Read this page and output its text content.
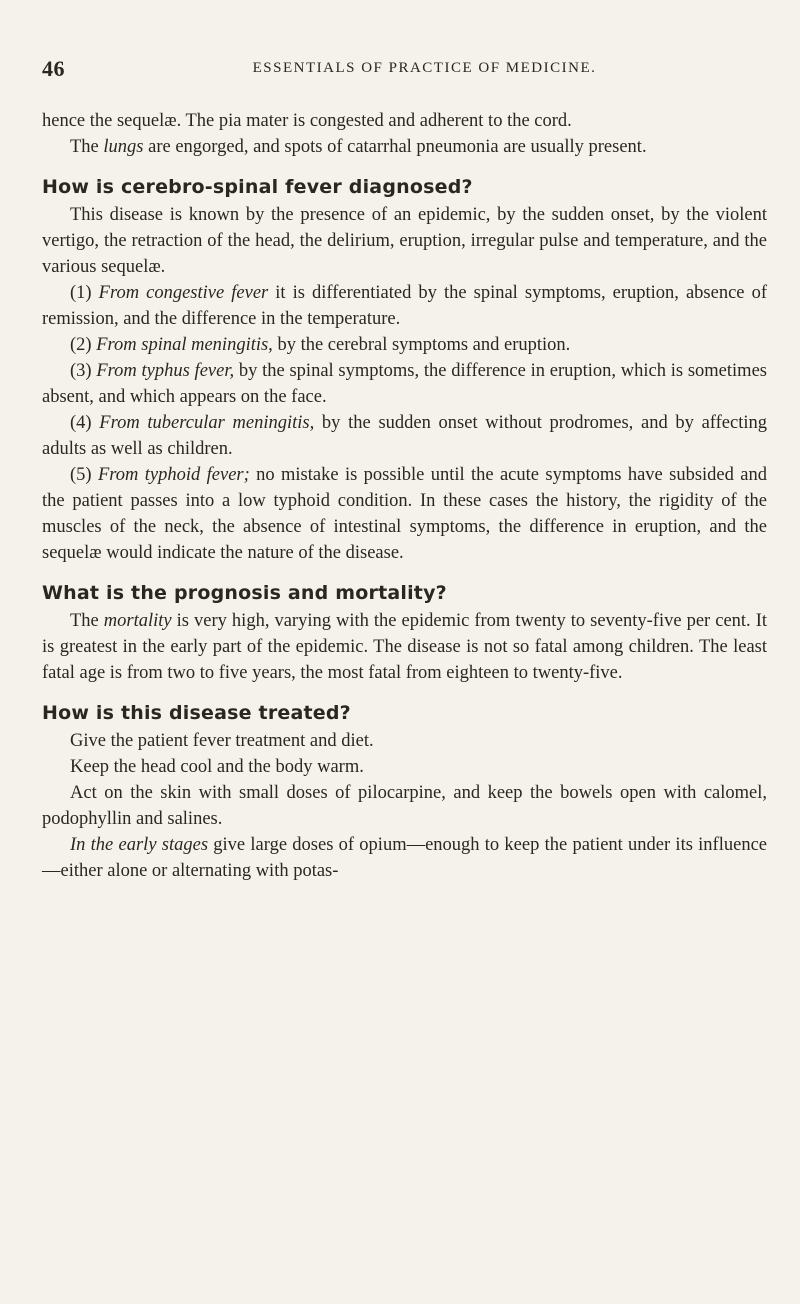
46	ESSENTIALS OF PRACTICE OF MEDICINE.

hence the sequelæ. The pia mater is congested and adherent to the cord.

The lungs are engorged, and spots of catarrhal pneumonia are usually present.

How is cerebro-spinal fever diagnosed?

This disease is known by the presence of an epidemic, by the sudden onset, by the violent vertigo, the retraction of the head, the delirium, eruption, irregular pulse and temperature, and the various sequelæ.

(1) From congestive fever it is differentiated by the spinal symptoms, eruption, absence of remission, and the difference in the temperature.

(2) From spinal meningitis, by the cerebral symptoms and eruption.

(3) From typhus fever, by the spinal symptoms, the difference in eruption, which is sometimes absent, and which appears on the face.

(4) From tubercular meningitis, by the sudden onset without prodromes, and by affecting adults as well as children.

(5) From typhoid fever; no mistake is possible until the acute symptoms have subsided and the patient passes into a low typhoid condition. In these cases the history, the rigidity of the muscles of the neck, the absence of intestinal symptoms, the difference in eruption, and the sequelæ would indicate the nature of the disease.

What is the prognosis and mortality?

The mortality is very high, varying with the epidemic from twenty to seventy-five per cent. It is greatest in the early part of the epidemic. The disease is not so fatal among children. The least fatal age is from two to five years, the most fatal from eighteen to twenty-five.

How is this disease treated?

Give the patient fever treatment and diet.

Keep the head cool and the body warm.

Act on the skin with small doses of pilocarpine, and keep the bowels open with calomel, podophyllin and salines.

In the early stages give large doses of opium—enough to keep the patient under its influence—either alone or alternating with potas-
